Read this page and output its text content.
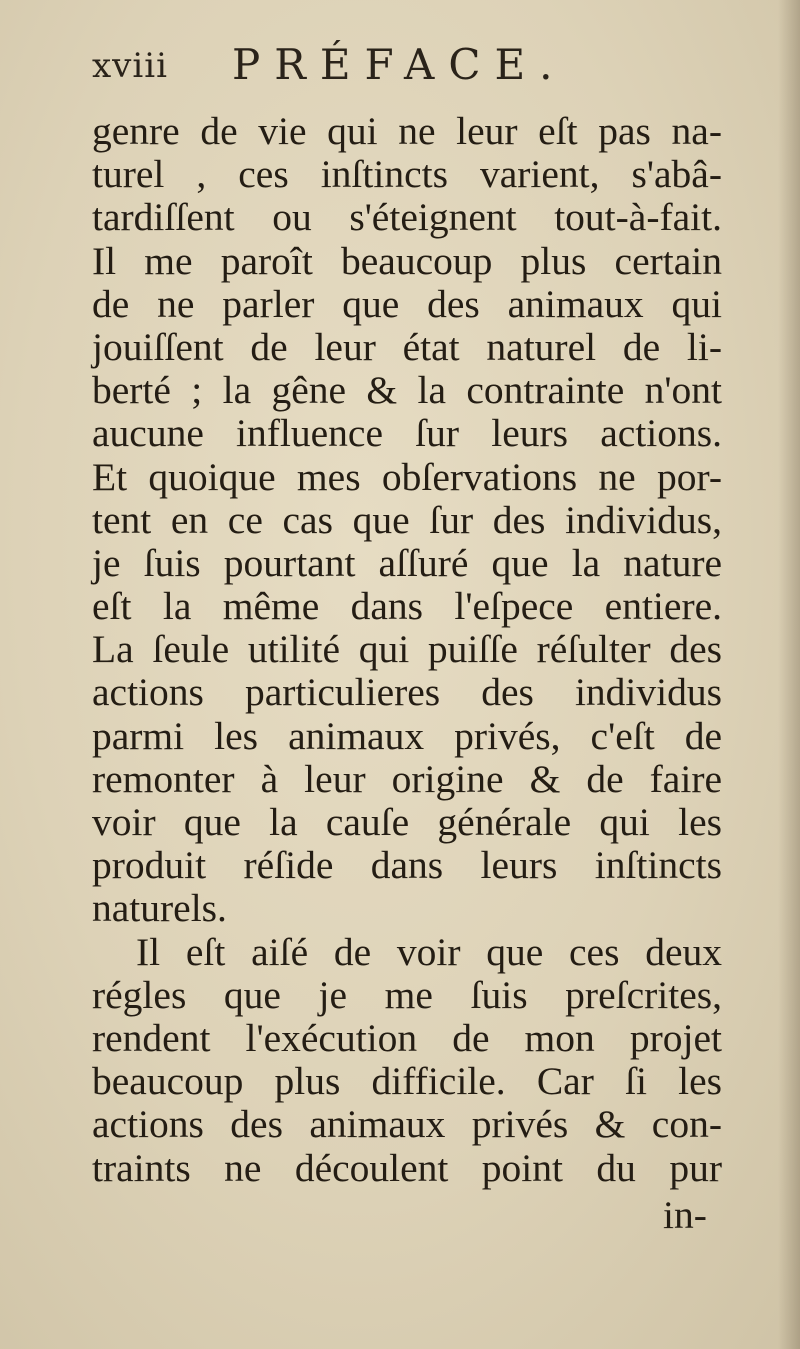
xviii PRÉFACE.
genre de vie qui ne leur eſt pas na-
turel , ces inſtincts varient, s'abâ-
tardiſſent ou s'éteignent tout-à-fait.
Il me paroît beaucoup plus certain
de ne parler que des animaux qui
jouiſſent de leur état naturel de li-
berté ; la gêne & la contrainte n'ont
aucune influence ſur leurs actions.
Et quoique mes obſervations ne por-
tent en ce cas que ſur des individus,
je ſuis pourtant aſſuré que la nature
eſt la même dans l'eſpece entiere.
La ſeule utilité qui puiſſe réſulter des
actions particulieres des individus
parmi les animaux privés, c'eſt de
remonter à leur origine & de faire
voir que la cauſe générale qui les
produit réſide dans leurs inſtincts
naturels.
Il eſt aiſé de voir que ces deux
régles que je me ſuis preſcrites,
rendent l'exécution de mon projet
beaucoup plus difficile. Car ſi les
actions des animaux privés & con-
traints ne découlent point du pur
in-
